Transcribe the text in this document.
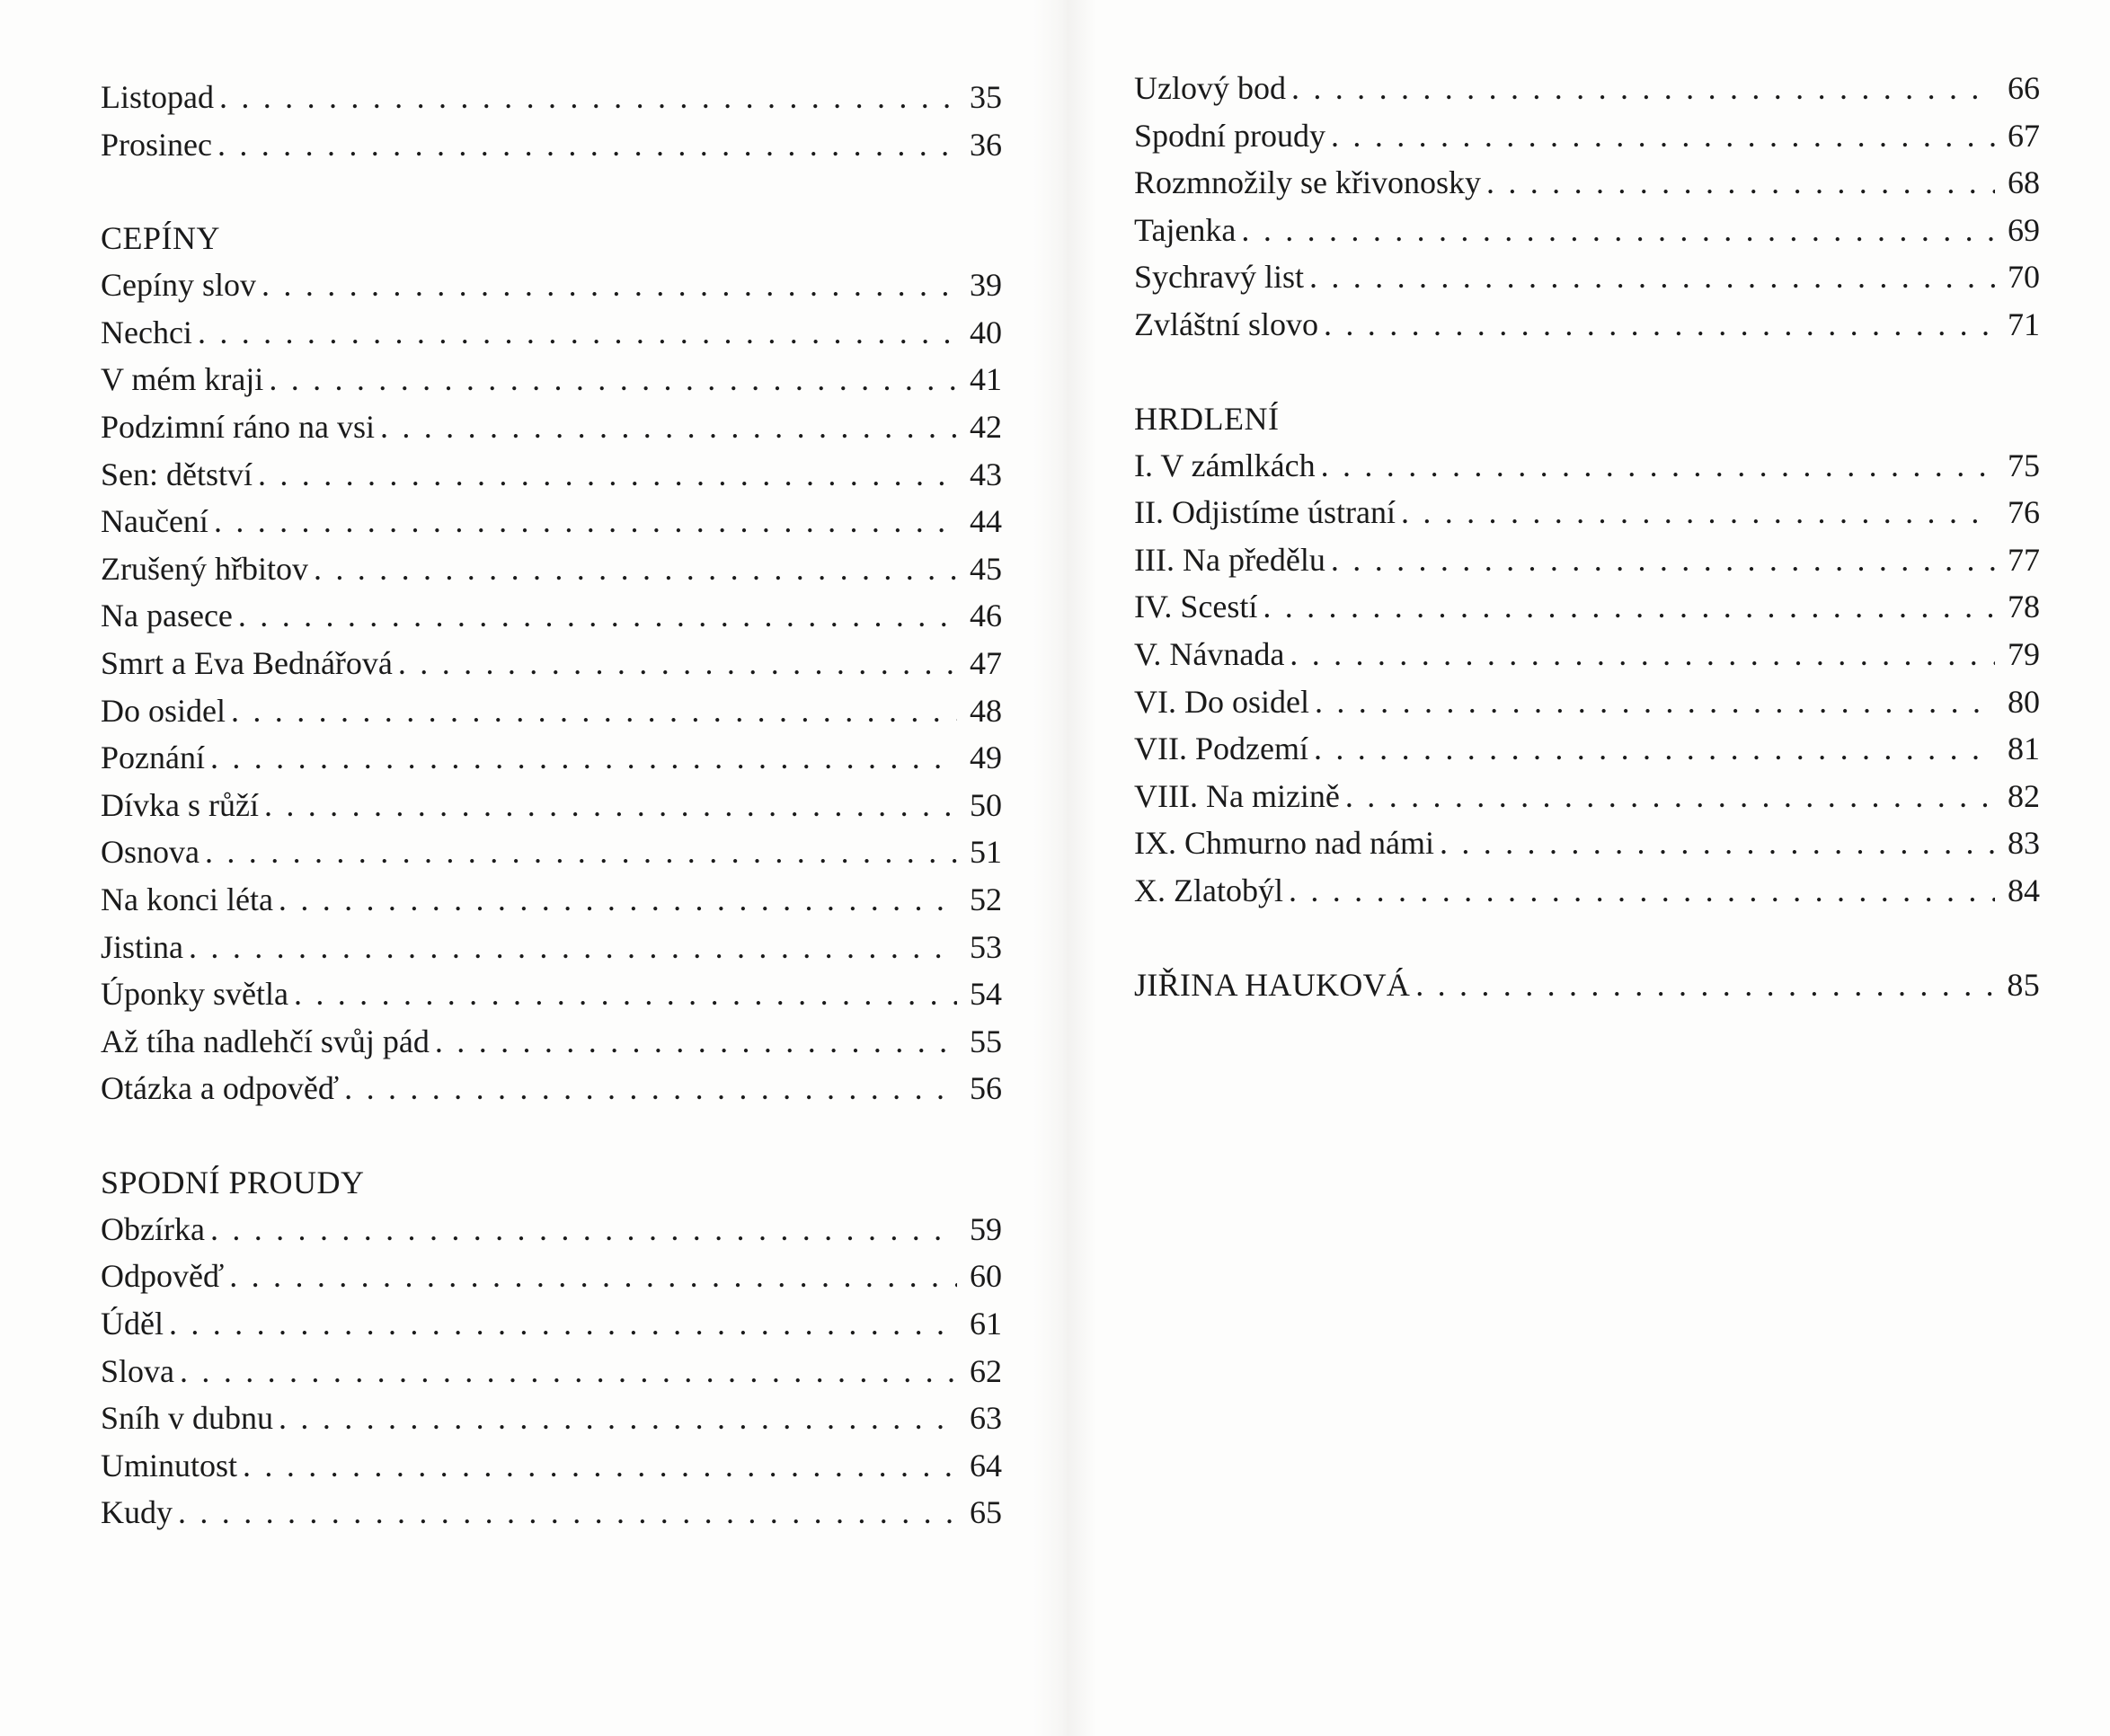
Listopad . . .	35
Prosinec . . .	36
CEPÍNY
Cepíny slov . . .	39
Nechci . . .	40
V mém kraji . . .	41
Podzimní ráno na vsi . . .	42
Sen: dětství . . .	43
Naučení . . .	44
Zrušený hřbitov . . .	45
Na pasece . . .	46
Smrt a Eva Bednářová . . .	47
Do osidel . . .	48
Poznání . . .	49
Dívka s růží . . .	50
Osnova . . .	51
Na konci léta . . .	52
Jistina . . .	53
Úponky světla . . .	54
Až tíha nadlehčí svůj pád . . .	55
Otázka a odpověď . . .	56
SPODNÍ PROUDY
Obzírka . . .	59
Odpověď . . .	60
Úděl . . .	61
Slova . . .	62
Sníh v dubnu . . .	63
Uminutost . . .	64
Kudy . . .	65
Uzlový bod . . .	66
Spodní proudy . . .	67
Rozmnožily se křivonosky . . .	68
Tajenka . . .	69
Sychravý list . . .	70
Zvláštní slovo . . .	71
HRDLENÍ
I. V zámlkách . . .	75
II. Odjistíme ústraní . . .	76
III. Na předělu . . .	77
IV. Scestí . . .	78
V. Návnada . . .	79
VI. Do osidel . . .	80
VII. Podzemí . . .	81
VIII. Na mizině . . .	82
IX. Chmurno nad námi . . .	83
X. Zlatobýl . . .	84
JIŘINA HAUKOVÁ . . .	85
